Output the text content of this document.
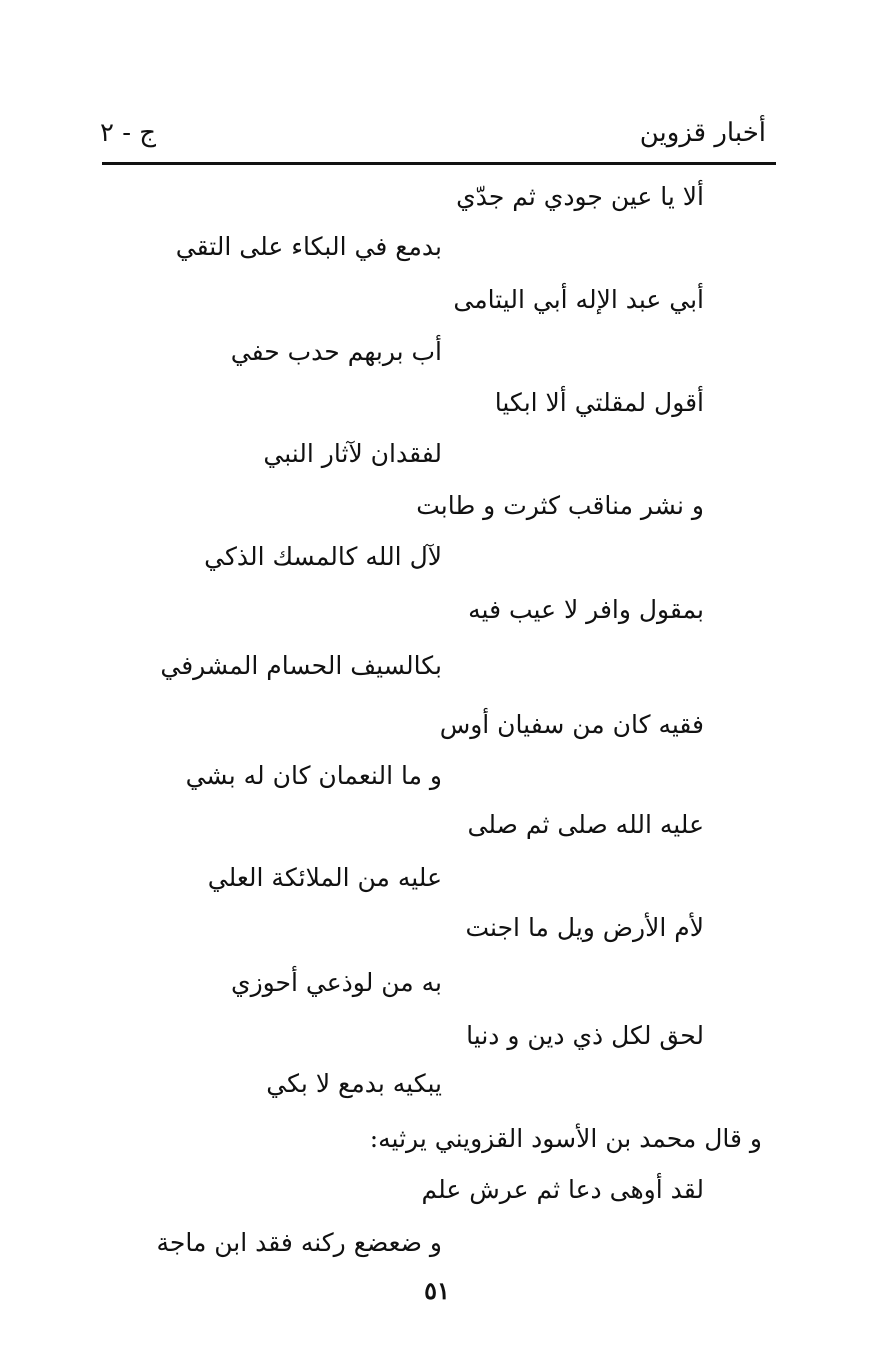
أخبار قزوين
ج - ٢
ألا يا عين جودي ثم جدّي
بدمع في البكاء على التقي
أبي عبد الإله أبي اليتامى
أب بربهم حدب حفي
أقول لمقلتي ألا ابكيا
لفقدان لآثار النبي
و نشر مناقب كثرت و طابت
لآل الله كالمسك الذكي
بمقول وافر لا عيب فيه
بكالسيف الحسام المشرفي
فقيه كان من سفيان أوس
و ما النعمان كان له بشي
عليه الله صلى ثم صلى
عليه من الملائكة العلي
لأم الأرض ويل ما اجنت
به من لوذعي أحوزي
لحق لكل ذي دين و دنيا
يبكيه بدمع لا بكي
و قال محمد بن الأسود القزويني يرثيه:
لقد أوهى دعا ثم عرش علم
و ضعضع ركنه فقد ابن ماجة
٥١
